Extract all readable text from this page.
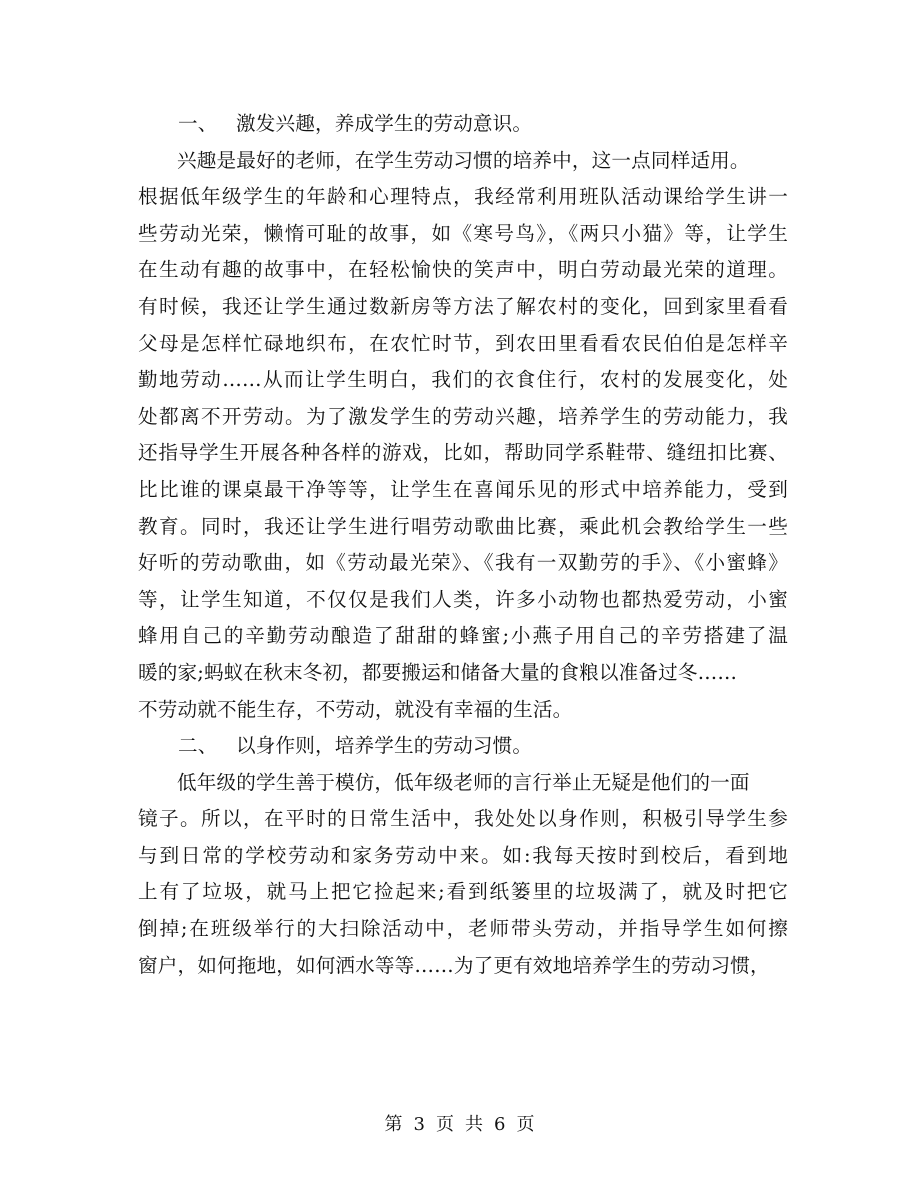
一、 激发兴趣，养成学生的劳动意识。
兴趣是最好的老师，在学生劳动习惯的培养中，这一点同样适用。
根据低年级学生的年龄和心理特点，我经常利用班队活动课给学生讲一
些劳动光荣，懒惰可耻的故事，如《寒号鸟》，《两只小猫》等，让学生
在生动有趣的故事中，在轻松愉快的笑声中，明白劳动最光荣的道理。
有时候，我还让学生通过数新房等方法了解农村的变化，回到家里看看
父母是怎样忙碌地织布，在农忙时节，到农田里看看农民伯伯是怎样辛
勤地劳动……从而让学生明白，我们的衣食住行，农村的发展变化，处
处都离不开劳动。为了激发学生的劳动兴趣，培养学生的劳动能力，我
还指导学生开展各种各样的游戏，比如，帮助同学系鞋带、缝纽扣比赛、
比比谁的课桌最干净等等，让学生在喜闻乐见的形式中培养能力，受到
教育。同时，我还让学生进行唱劳动歌曲比赛，乘此机会教给学生一些
好听的劳动歌曲，如《劳动最光荣》、《我有一双勤劳的手》、《小蜜蜂》
等，让学生知道，不仅仅是我们人类，许多小动物也都热爱劳动，小蜜
蜂用自己的辛勤劳动酿造了甜甜的蜂蜜;小燕子用自己的辛劳搭建了温
暖的家;蚂蚁在秋末冬初，都要搬运和储备大量的食粮以准备过冬……
不劳动就不能生存，不劳动，就没有幸福的生活。
二、 以身作则，培养学生的劳动习惯。
低年级的学生善于模仿，低年级老师的言行举止无疑是他们的一面
镜子。所以，在平时的日常生活中，我处处以身作则，积极引导学生参
与到日常的学校劳动和家务劳动中来。如:我每天按时到校后，看到地
上有了垃圾，就马上把它捡起来;看到纸篓里的垃圾满了，就及时把它
倒掉;在班级举行的大扫除活动中，老师带头劳动，并指导学生如何擦
窗户，如何拖地，如何洒水等等……为了更有效地培养学生的劳动习惯，
第 3 页 共 6 页
